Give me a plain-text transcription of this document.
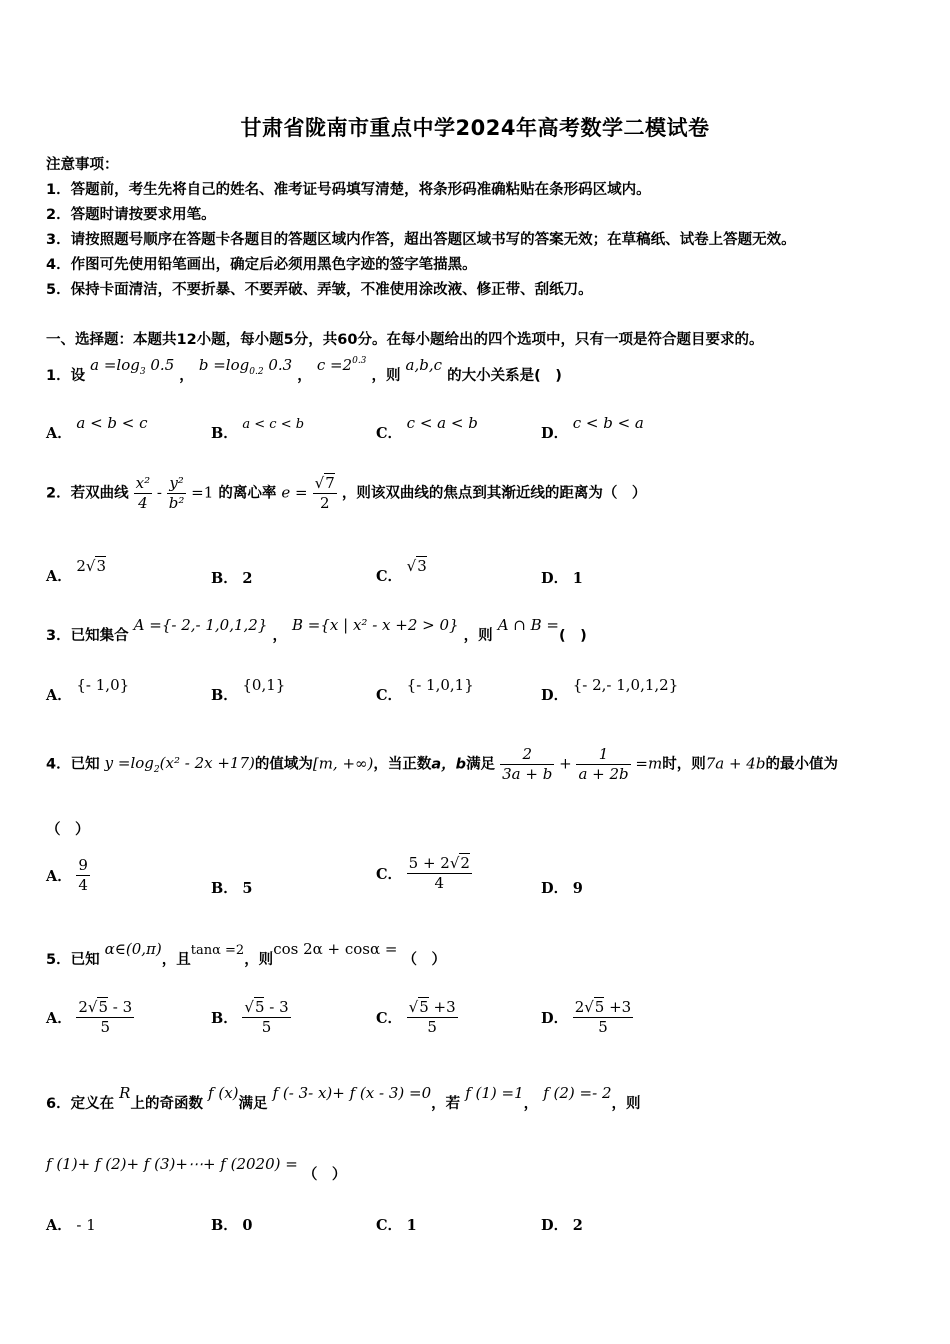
甘肃省陇南市重点中学2024年高考数学二模试卷
注意事项：
1．答题前，考生先将自己的姓名、准考证号码填写清楚，将条形码准确粘贴在条形码区域内。
2．答题时请按要求用笔。
3．请按照题号顺序在答题卡各题目的答题区域内作答，超出答题区域书写的答案无效；在草稿纸、试卷上答题无效。
4．作图可先使用铅笔画出，确定后必须用黑色字迹的签字笔描黑。
5．保持卡面清洁，不要折暴、不要弄破、弄皱，不准使用涂改液、修正带、刮纸刀。
一、选择题：本题共12小题，每小题5分，共60分。在每小题给出的四个选项中，只有一项是符合题目要求的。
1．设 $a =\log_3$ 0.5 ， $b =\log_{0.2}$ 0.3 ， $c =2^{0.3}$ ，则 a,b,c 的大小关系是(　)
A． a < b < c
B． a < c < b
C． c < a < b
D． c < b < a
2．若双曲线 $\frac{\text{x²}}{4} - \frac{\text{y²}}{\text{b²}} =1$ 的离心率 $e = \frac{√7}{2}$ ，则该双曲线的焦点到其渐近线的距离为（　）
A． 2√3
B． 2	C． √3
D． 1
3．已知集合 A ={- 2,- 1,0,1,2} ， B ={x | x² - x +2 > 0} ，则 A ∩ B =(　)
A． {- 1,0}
B． {0,1}
C． {- 1,0,1}
D． {- 2,- 1,0,1,2}
4．已知 $y =\log_2(x^2 - 2x +17)$的值域为[m, +∞)，当正数a，b满足 $\frac{2}{3a + b} + \frac{1}{a + 2b} =m$时，则7a + 4b的最小值为
（　）
A． $\frac{9}{4}$	B． 5
C． $\frac{5 + 2√2}{4}$	D． 9
5．已知 α∈(0,π)，且tanα =2，则cos 2α + cosα = （　）
A． $\frac{2√5 - 3}{5}$	B． $\frac{√5 - 3}{5}$	C． $\frac{√5 +3}{5}$	D． $\frac{2√5 +3}{5}$
6．定义在 R上的奇函数 f (x)满足 f (- 3- x)+ f (x - 3) =0，若 f (1) =1， f (2) =- 2，则
f (1)+ f (2)+ f (3)+⋯+ f (2020) = （　）
A． - 1	B． 0	C． 1	D． 2
